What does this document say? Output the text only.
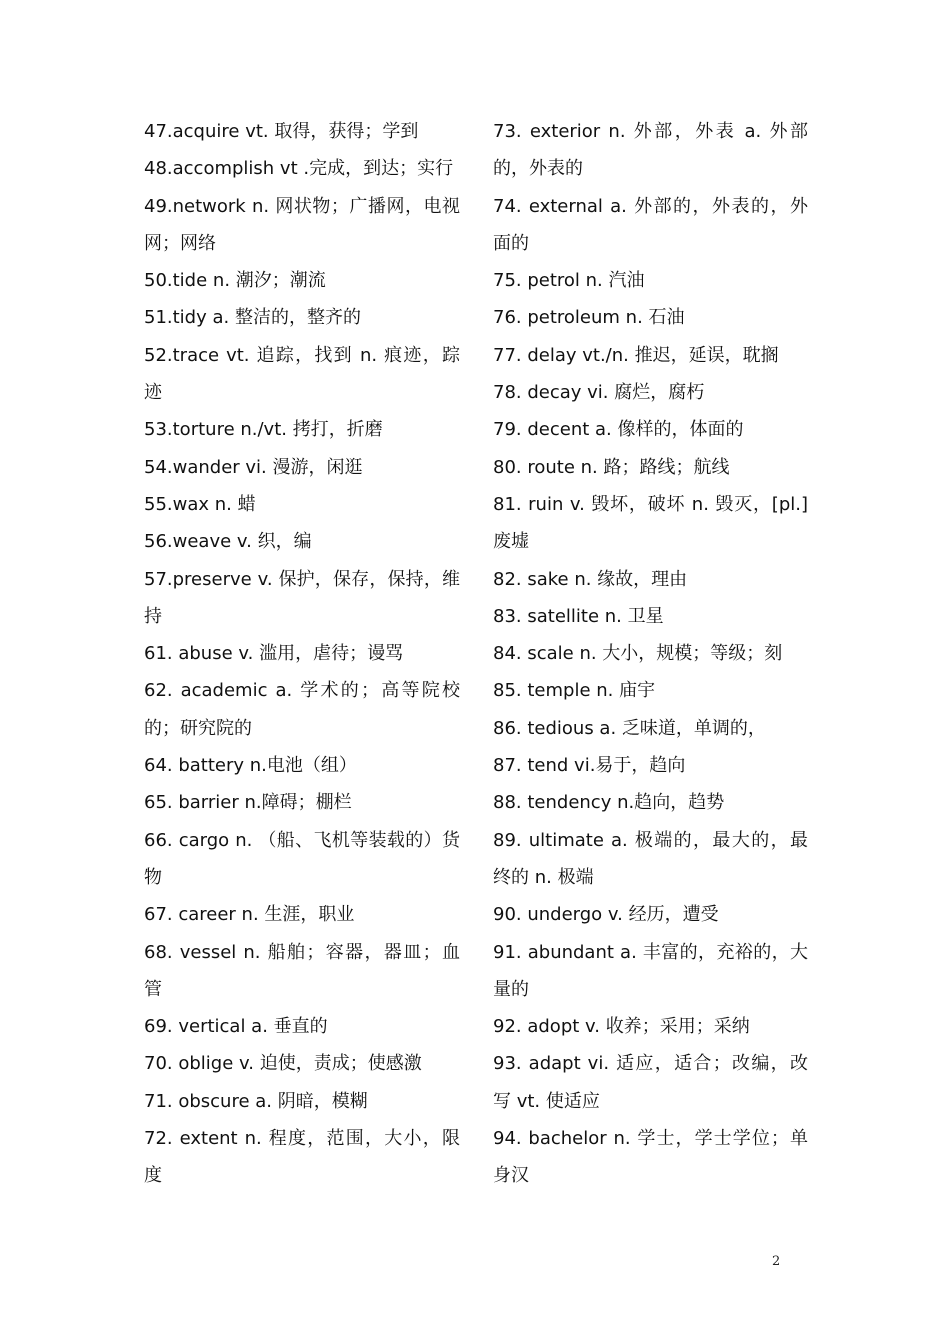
47.acquire vt. 取得，获得；学到

48.accomplish vt .完成，到达；实行

49.network n. 网状物；广播网，电视网；网络

50.tide n. 潮汐；潮流

51.tidy a. 整洁的，整齐的

52.trace vt. 追踪，找到 n. 痕迹，踪迹

53.torture n./vt. 拷打，折磨

54.wander vi. 漫游，闲逛

55.wax n. 蜡

56.weave v. 织，编

57.preserve v. 保护，保存，保持，维持

61. abuse v. 滥用，虐待；谩骂

62. academic a. 学术的；高等院校的；研究院的

64. battery n.电池（组）

65. barrier n.障碍；棚栏

66. cargo n. （船、飞机等装载的）货物

67. career n. 生涯，职业

68. vessel n. 船舶；容器，器皿；血管

69. vertical a. 垂直的

70. oblige v. 迫使，责成；使感激

71. obscure a. 阴暗，模糊

72. extent n. 程度，范围，大小，限度

73. exterior n. 外部，外表 a. 外部的，外表的

74. external a. 外部的，外表的，外面的

75. petrol n. 汽油

76. petroleum n. 石油

77. delay vt./n. 推迟，延误，耽搁

78. decay vi. 腐烂，腐朽

79. decent a. 像样的，体面的

80. route n. 路；路线；航线

81. ruin v. 毁坏，破坏 n. 毁灭，[pl.]废墟

82. sake n. 缘故，理由

83. satellite n. 卫星

84. scale n. 大小，规模；等级；刻

85. temple n. 庙宇

86. tedious a. 乏味道，单调的，

87. tend vi.易于，趋向

88. tendency n.趋向，趋势

89. ultimate a. 极端的，最大的，最终的 n. 极端

90. undergo v. 经历，遭受

91. abundant a. 丰富的，充裕的，大量的

92. adopt v. 收养；采用；采纳

93. adapt vi. 适应，适合；改编，改写 vt. 使适应

94. bachelor n. 学士，学士学位；单身汉

2
